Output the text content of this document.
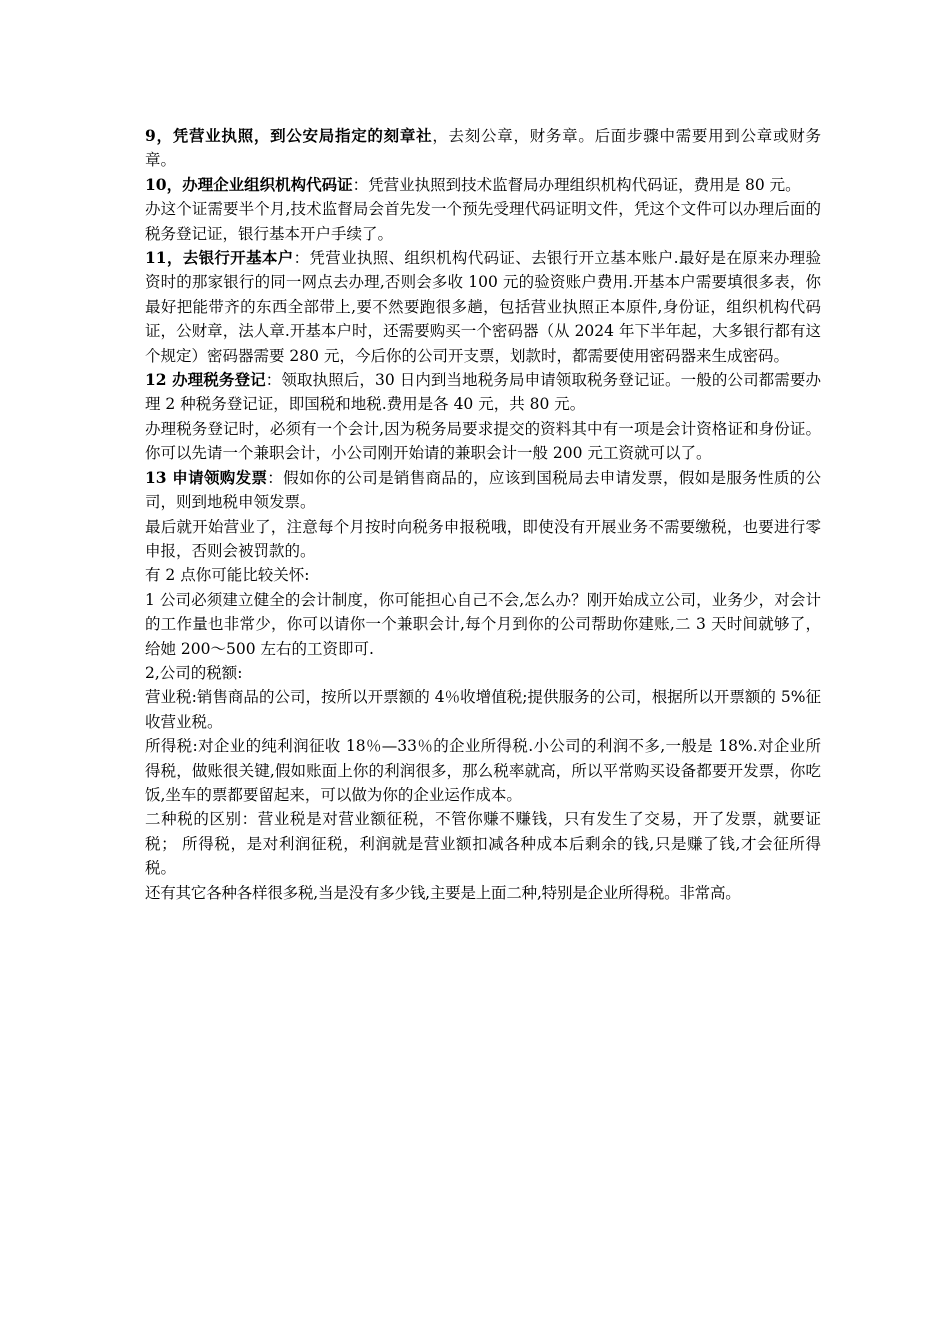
9，凭营业执照，到公安局指定的刻章社，去刻公章，财务章。后面步骤中需要用到公章或财务章。

10，办理企业组织机构代码证：凭营业执照到技术监督局办理组织机构代码证，费用是 80 元。

办这个证需要半个月,技术监督局会首先发一个预先受理代码证明文件，凭这个文件可以办理后面的税务登记证，银行基本开户手续了。

11，去银行开基本户：凭营业执照、组织机构代码证、去银行开立基本账户.最好是在原来办理验资时的那家银行的同一网点去办理,否则会多收 100 元的验资账户费用.开基本户需要填很多表，你最好把能带齐的东西全部带上,要不然要跑很多趟，包括营业执照正本原件,身份证，组织机构代码证，公财章，法人章.开基本户时，还需要购买一个密码器（从 2024 年下半年起，大多银行都有这个规定）密码器需要 280 元，今后你的公司开支票，划款时，都需要使用密码器来生成密码。

12 办理税务登记：领取执照后，30 日内到当地税务局申请领取税务登记证。一般的公司都需要办理 2 种税务登记证，即国税和地税.费用是各 40 元，共 80 元。

办理税务登记时，必须有一个会计,因为税务局要求提交的资料其中有一项是会计资格证和身份证。你可以先请一个兼职会计，小公司刚开始请的兼职会计一般 200 元工资就可以了。

13 申请领购发票：假如你的公司是销售商品的，应该到国税局去申请发票，假如是服务性质的公司，则到地税申领发票。

最后就开始营业了，注意每个月按时向税务申报税哦，即使没有开展业务不需要缴税，也要进行零申报，否则会被罚款的。

有 2 点你可能比较关怀:

1 公司必须建立健全的会计制度，你可能担心自己不会,怎么办？刚开始成立公司，业务少，对会计的工作量也非常少，你可以请你一个兼职会计,每个月到你的公司帮助你建账,二 3 天时间就够了，给她 200～500 左右的工资即可.

2,公司的税额:

营业税:销售商品的公司，按所以开票额的 4％收增值税;提供服务的公司，根据所以开票额的 5%征收营业税。

所得税:对企业的纯利润征收 18％—33％的企业所得税.小公司的利润不多,一般是 18%.对企业所得税，做账很关键,假如账面上你的利润很多，那么税率就高，所以平常购买设备都要开发票，你吃饭,坐车的票都要留起来，可以做为你的企业运作成本。

二种税的区别：营业税是对营业额征税，不管你赚不赚钱，只有发生了交易，开了发票，就要证税； 所得税，是对利润征税，利润就是营业额扣减各种成本后剩余的钱,只是赚了钱,才会征所得税。

还有其它各种各样很多税,当是没有多少钱,主要是上面二种,特别是企业所得税。非常高。
